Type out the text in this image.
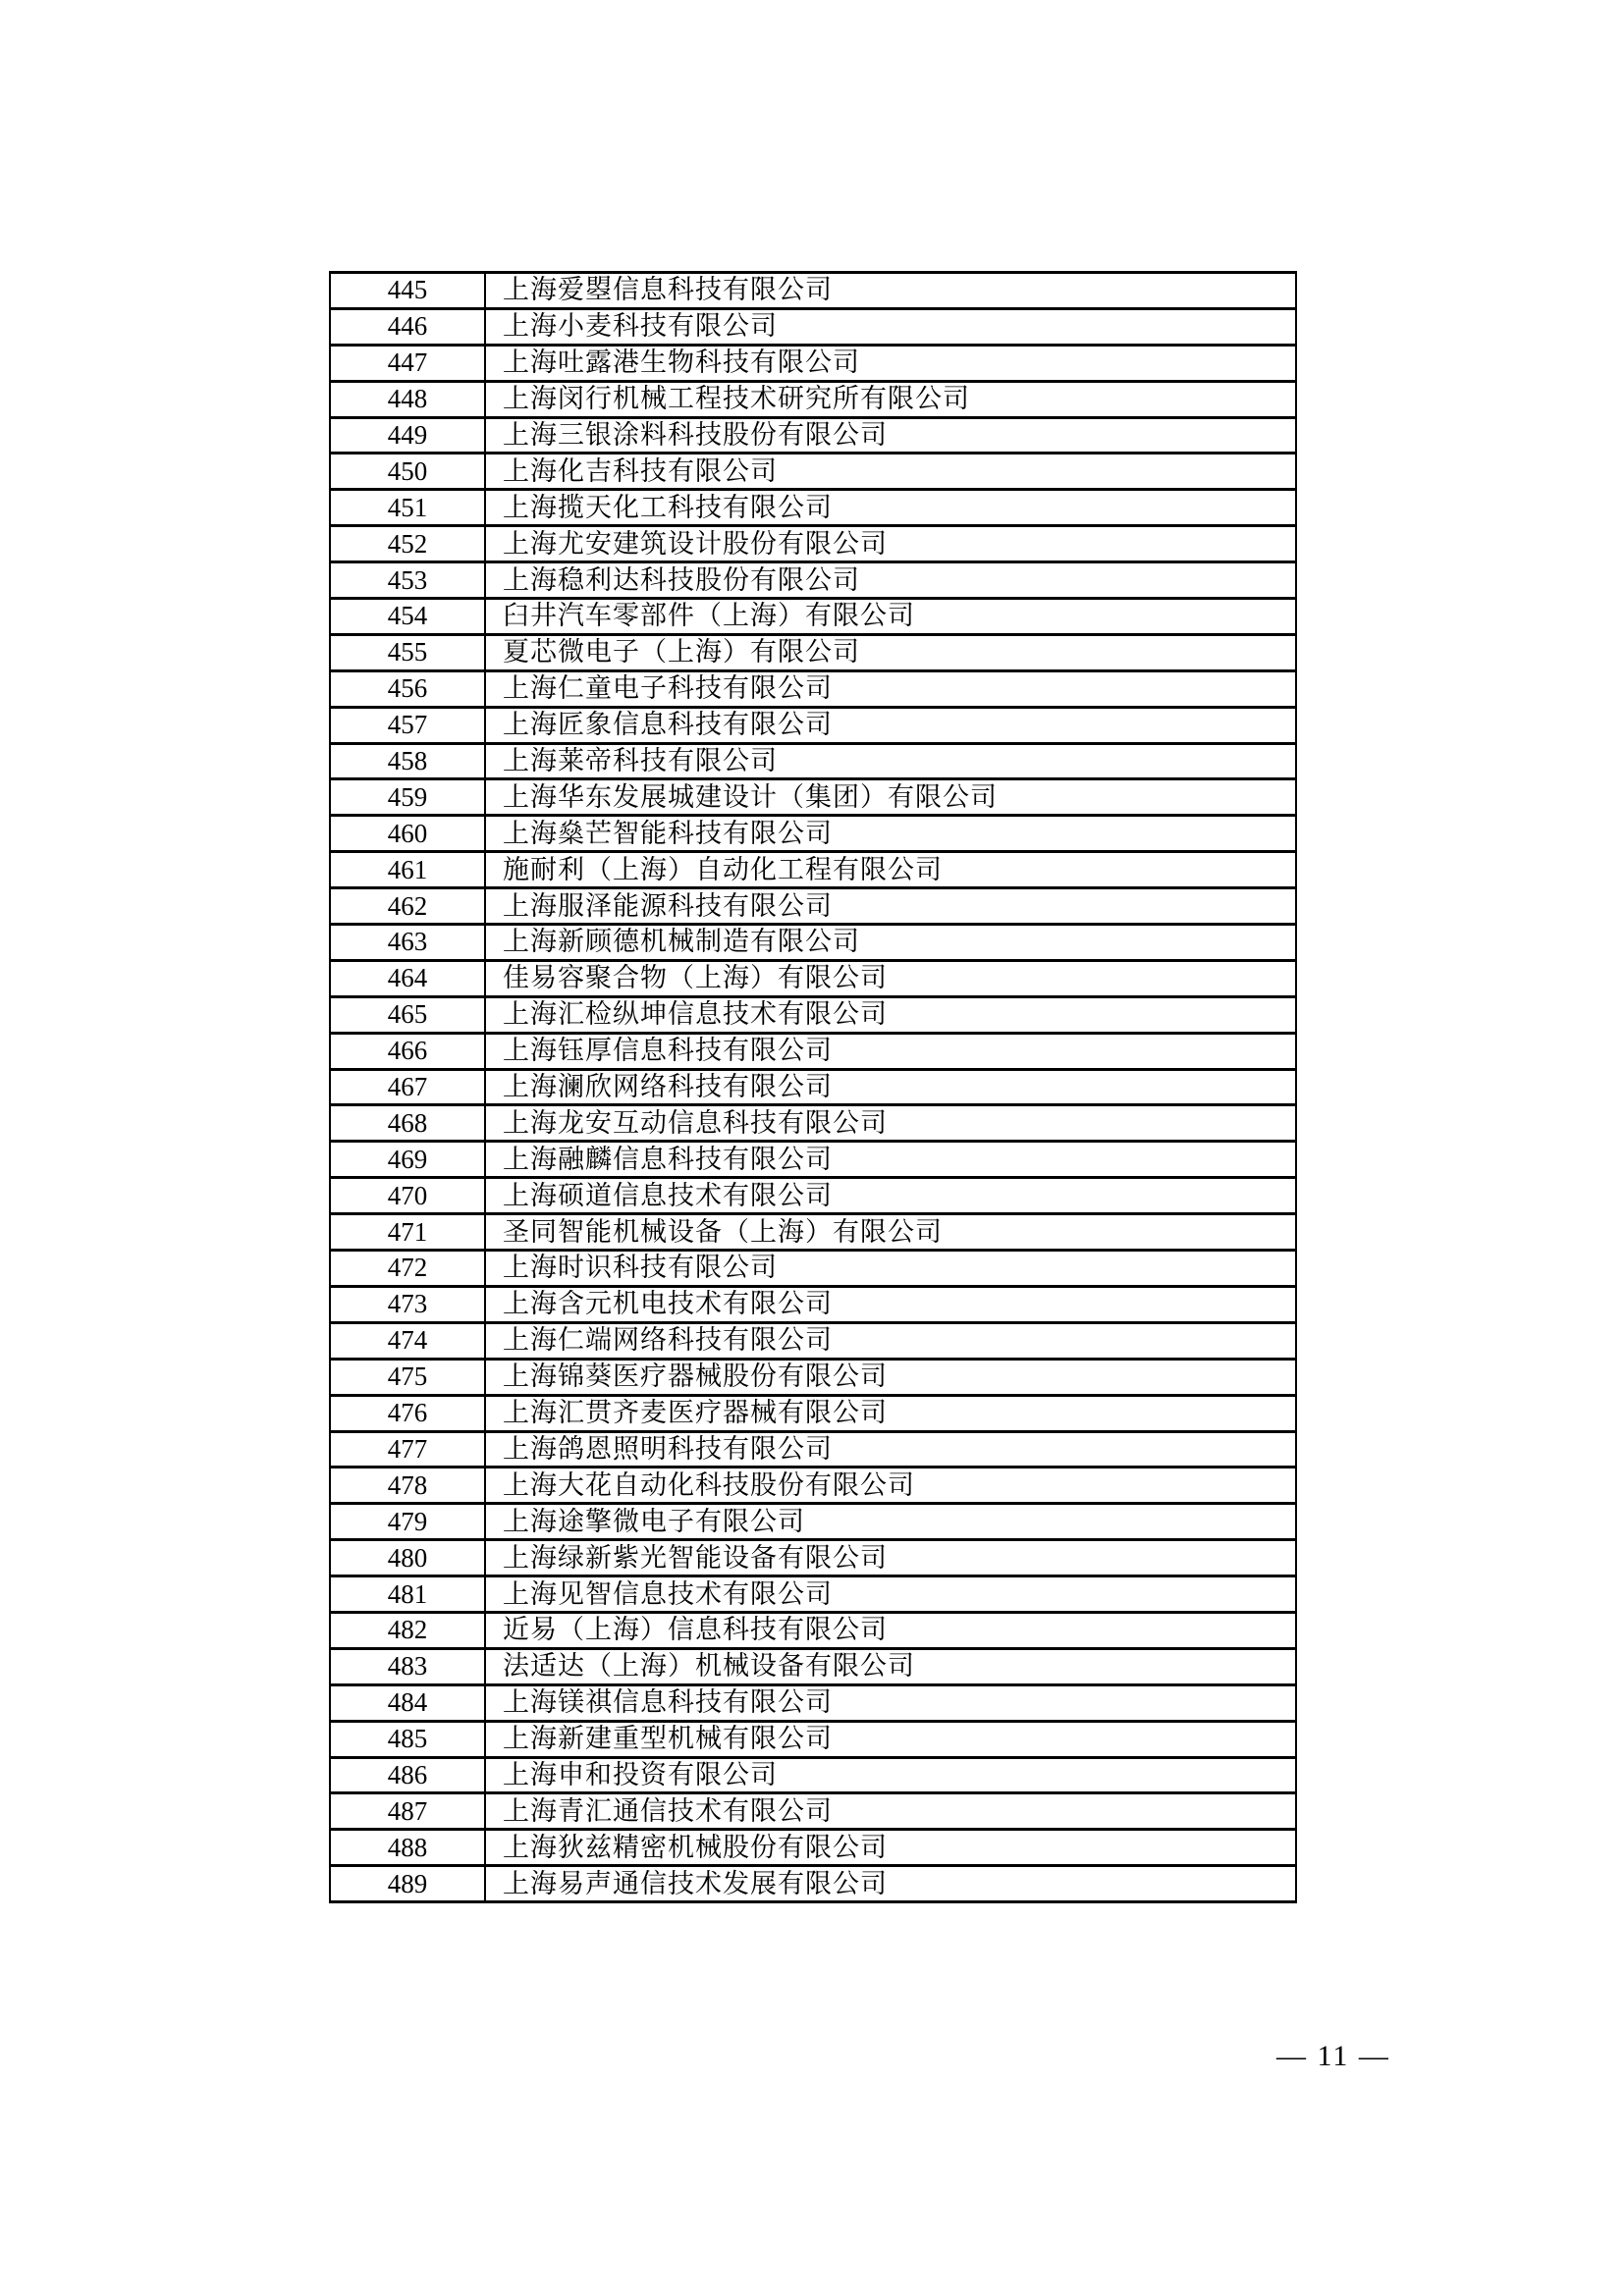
445	上海爱曌信息科技有限公司
446	上海小麦科技有限公司
447	上海吐露港生物科技有限公司
448	上海闵行机械工程技术研究所有限公司
449	上海三银涂料科技股份有限公司
450	上海化吉科技有限公司
451	上海揽天化工科技有限公司
452	上海尤安建筑设计股份有限公司
453	上海稳利达科技股份有限公司
454	臼井汽车零部件（上海）有限公司
455	夏芯微电子（上海）有限公司
456	上海仁童电子科技有限公司
457	上海匠象信息科技有限公司
458	上海莱帝科技有限公司
459	上海华东发展城建设计（集团）有限公司
460	上海燊芒智能科技有限公司
461	施耐利（上海）自动化工程有限公司
462	上海服泽能源科技有限公司
463	上海新顾德机械制造有限公司
464	佳易容聚合物（上海）有限公司
465	上海汇检纵坤信息技术有限公司
466	上海钰厚信息科技有限公司
467	上海澜欣网络科技有限公司
468	上海龙安互动信息科技有限公司
469	上海融麟信息科技有限公司
470	上海硕道信息技术有限公司
471	圣同智能机械设备（上海）有限公司
472	上海时识科技有限公司
473	上海含元机电技术有限公司
474	上海仁端网络科技有限公司
475	上海锦葵医疗器械股份有限公司
476	上海汇贯齐麦医疗器械有限公司
477	上海鸽恩照明科技有限公司
478	上海大花自动化科技股份有限公司
479	上海途擎微电子有限公司
480	上海绿新紫光智能设备有限公司
481	上海见智信息技术有限公司
482	近易（上海）信息科技有限公司
483	法适达（上海）机械设备有限公司
484	上海镁祺信息科技有限公司
485	上海新建重型机械有限公司
486	上海申和投资有限公司
487	上海青汇通信技术有限公司
488	上海狄兹精密机械股份有限公司
489	上海易声通信技术发展有限公司
— 11 —
